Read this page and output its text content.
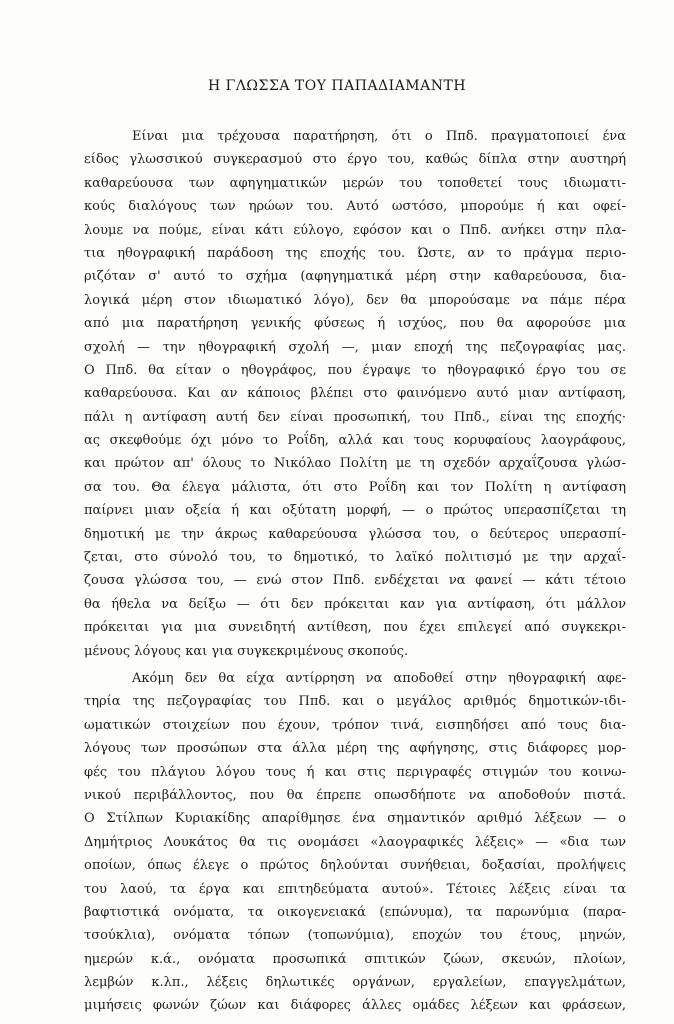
Η ΓΛΩΣΣΑ ΤΟΥ ΠΑΠΑΔΙΑΜΑΝΤΗ
Είναι μια τρέχουσα παρατήρηση, ότι ο Ππδ. πραγματοποιεί ένα
είδος γλωσσικού συγκερασμού στο έργο του, καθώς δίπλα στην αυστηρή
καθαρεύουσα των αφηγηματικών μερών του τοποθετεί τους ιδιωματι-
κούς διαλόγους των ηρώων του. Αυτό ωστόσο, μπορούμε ή και οφεί-
λουμε να πούμε, είναι κάτι εύλογο, εφόσον και ο Ππδ. ανήκει στην πλα-
τια ηθογραφική παράδοση της εποχής του. Ώστε, αν το πράγμα περιο-
ριζόταν σ' αυτό το σχήμα (αφηγηματικά μέρη στην καθαρεύουσα, δια-
λογικά μέρη στον ιδιωματικό λόγο), δεν θα μπορούσαμε να πάμε πέρα
από μια παρατήρηση γενικής φύσεως ή ισχύος, που θα αφορούσε μια
σχολή — την ηθογραφική σχολή —, μιαν εποχή της πεζογραφίας μας.
Ο Ππδ. θα είταν ο ηθογράφος, που έγραψε το ηθογραφικό έργο του σε
καθαρεύουσα. Και αν κάποιος βλέπει στο φαινόμενο αυτό μιαν αντίφαση,
πάλι η αντίφαση αυτή δεν είναι προσωπική, του Ππδ., είναι της εποχής·
ας σκεφθούμε όχι μόνο το Ροΐδη, αλλά και τους κορυφαίους λαογράφους,
και πρώτον απ' όλους το Νικόλαο Πολίτη με τη σχεδόν αρχαΐζουσα γλώσ-
σα του. Θα έλεγα μάλιστα, ότι στο Ροΐδη και τον Πολίτη η αντίφαση
παίρνει μιαν οξεία ή και οξύτατη μορφή, — ο πρώτος υπερασπίζεται τη
δημοτική με την άκρως καθαρεύουσα γλώσσα του, ο δεύτερος υπερασπί-
ζεται, στο σύνολό του, το δημοτικό, το λαϊκό πολιτισμό με την αρχαΐ-
ζουσα γλώσσα του, — ενώ στον Ππδ. ενδέχεται να φανεί — κάτι τέτοιο
θα ήθελα να δείξω — ότι δεν πρόκειται καν για αντίφαση, ότι μάλλον
πρόκειται για μια συνειδητή αντίθεση, που έχει επιλεγεί από συγκεκρι-
μένους λόγους και για συγκεκριμένους σκοπούς.
Ακόμη δεν θα είχα αντίρρηση να αποδοθεί στην ηθογραφική αφε-
τηρία της πεζογραφίας του Ππδ. και ο μεγάλος αριθμός δημοτικών-ιδι-
ωματικών στοιχείων που έχουν, τρόπον τινά, εισπηδήσει από τους δια-
λόγους των προσώπων στα άλλα μέρη της αφήγησης, στις διάφορες μορ-
φές του πλάγιου λόγου τους ή και στις περιγραφές στιγμών του κοινω-
νικού περιβάλλοντος, που θα έπρεπε οπωσδήποτε να αποδοθούν πιστά.
Ο Στίλπων Κυριακίδης απαρίθμησε ένα σημαντικόν αριθμό λέξεων — ο
Δημήτριος Λουκάτος θα τις ονομάσει «λαογραφικές λέξεις» — «δια των
οποίων, όπως έλεγε ο πρώτος δηλούνται συνήθειαι, δοξασίαι, προλήψεις
του λαού, τα έργα και επιτηδεύματα αυτού». Τέτοιες λέξεις είναι τα
βαφτιστικά ονόματα, τα οικογενειακά (επώνυμα), τα παρωνύμια (παρα-
τσούκλια), ονόματα τόπων (τοπωνύμια), εποχών του έτους, μηνών,
ημερών κ.ά., ονόματα προσωπικά σπιτικών ζώων, σκευών, πλοίων,
λεμβών κ.λπ., λέξεις δηλωτικές οργάνων, εργαλείων, επαγγελμάτων,
μιμήσεις φωνών ζώων και διάφορες άλλες ομάδες λέξεων και φράσεων,
